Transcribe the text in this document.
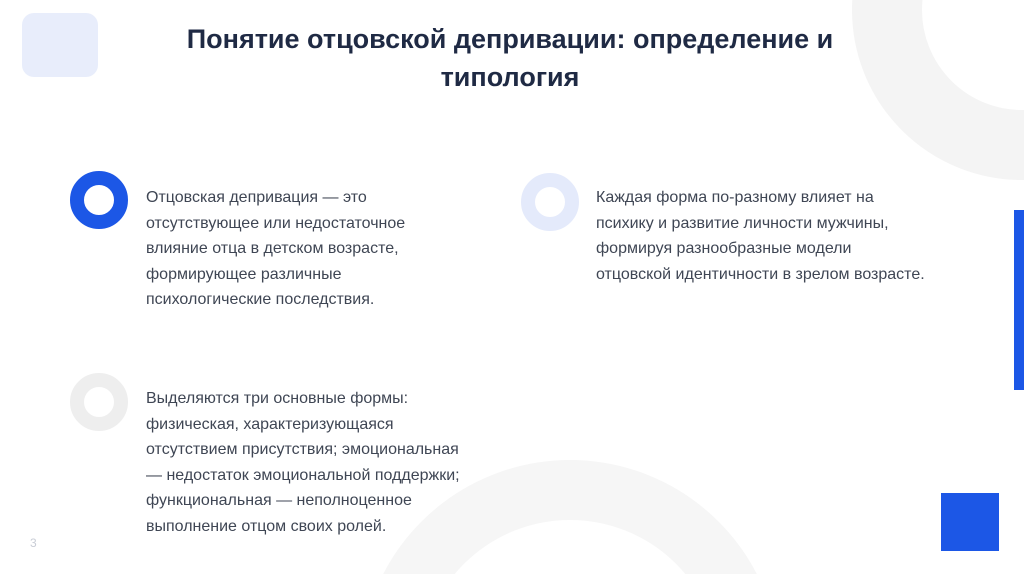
Понятие отцовской депривации: определение и типология
Отцовская депривация — это отсутствующее или недостаточное влияние отца в детском возрасте, формирующее различные психологические последствия.
Каждая форма по-разному влияет на психику и развитие личности мужчины, формируя разнообразные модели отцовской идентичности в зрелом возрасте.
Выделяются три основные формы: физическая, характеризующаяся отсутствием присутствия; эмоциональная — недостаток эмоциональной поддержки; функциональная — неполноценное выполнение отцом своих ролей.
3
